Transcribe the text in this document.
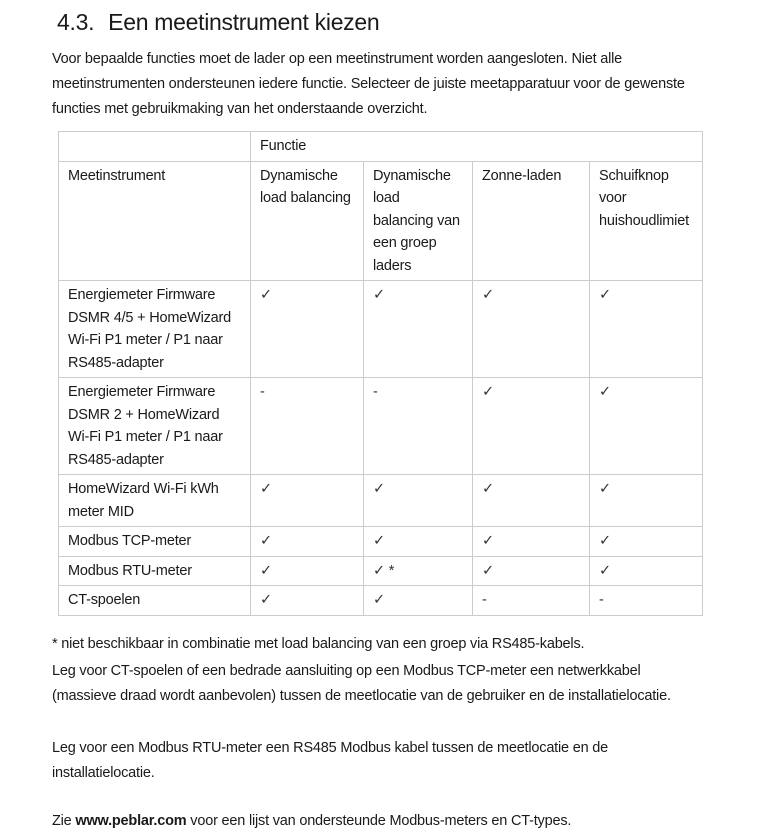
4.3. Een meetinstrument kiezen

Voor bepaalde functies moet de lader op een meetinstrument worden aangesloten. Niet alle meetinstrumenten ondersteunen iedere functie. Selecteer de juiste meetapparatuur voor de gewenste functies met gebruikmaking van het onderstaande overzicht.

	Functie			
Meetinstrument	Dynamische load balancing	Dynamische load balancing van een groep laders	Zonne-laden	Schuifknop voor huishoudlimiet
Energiemeter Firmware DSMR 4/5 + HomeWizard Wi-Fi P1 meter / P1 naar RS485-adapter	✓	✓	✓	✓
Energiemeter Firmware DSMR 2 + HomeWizard Wi-Fi P1 meter / P1 naar RS485-adapter	-	-	✓	✓
HomeWizard Wi-Fi kWh meter MID	✓	✓	✓	✓
Modbus TCP-meter	✓	✓	✓	✓
Modbus RTU-meter	✓	✓ *	✓	✓
CT-spoelen	✓	✓	-	-

* niet beschikbaar in combinatie met load balancing van een groep via RS485-kabels.

Leg voor CT-spoelen of een bedrade aansluiting op een Modbus TCP-meter een netwerkkabel (massieve draad wordt aanbevolen) tussen de meetlocatie van de gebruiker en de installatielocatie.

Leg voor een Modbus RTU-meter een RS485 Modbus kabel tussen de meetlocatie en de installatielocatie.

Zie www.peblar.com voor een lijst van ondersteunde Modbus-meters en CT-types.
